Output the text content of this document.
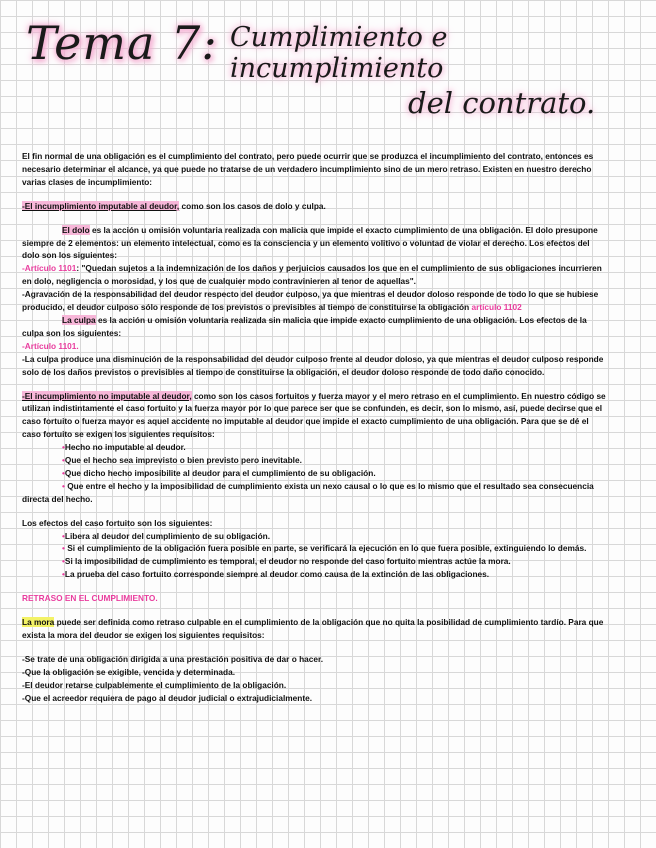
Tema 7: Cumplimiento e incumplimiento
del contrato.

El fin normal de una obligación es el cumplimiento del contrato, pero puede ocurrir que se produzca el incumplimiento del contrato, entonces es necesario determinar el alcance, ya que puede no tratarse de un verdadero incumplimiento sino de un mero retraso. Existen en nuestro derecho varias clases de incumplimiento:

-El incumplimiento imputable al deudor, como son los casos de dolo y culpa.

El dolo es la acción u omisión voluntaria realizada con malicia que impide el exacto cumplimiento de una obligación. El dolo presupone siempre de 2 elementos: un elemento intelectual, como es la consciencia y un elemento volitivo o voluntad de violar el derecho. Los efectos del dolo son los siguientes:

-Artículo 1101: "Quedan sujetos a la indemnización de los daños y perjuicios causados los que en el cumplimiento de sus obligaciones incurrieren en dolo, negligencia o morosidad, y los que de cualquier modo contravinieren al tenor de aquellas".

-Agravación de la responsabilidad del deudor respecto del deudor culposo, ya que mientras el deudor doloso responde de todo lo que se hubiese producido, el deudor culposo sólo responde de los previstos o previsibles al tiempo de constituirse la obligación artículo 1102

La culpa es la acción u omisión voluntaria realizada sin malicia que impide exacto cumplimiento de una obligación. Los efectos de la culpa son los siguientes:

-Artículo 1101.

-La culpa produce una disminución de la responsabilidad del deudor culposo frente al deudor doloso, ya que mientras el deudor culposo responde solo de los daños previstos o previsibles al tiempo de constituirse la obligación, el deudor doloso responde de todo daño conocido.

-El incumplimiento no imputable al deudor, como son los casos fortuitos y fuerza mayor y el mero retraso en el cumplimiento. En nuestro código se utilizan indistintamente el caso fortuito y la fuerza mayor por lo que parece ser que se confunden, es decir, son lo mismo, así, puede decirse que el caso fortuito o fuerza mayor es aquel accidente no imputable al deudor que impide el exacto cumplimiento de una obligación. Para que se dé el caso fortuito se exigen los siguientes requisitos:

• Hecho no imputable al deudor.

• Que el hecho sea imprevisto o bien previsto pero inevitable.

• Que dicho hecho imposibilite al deudor para el cumplimiento de su obligación.

• Que entre el hecho y la imposibilidad de cumplimiento exista un nexo causal o lo que es lo mismo que el resultado sea consecuencia directa del hecho.

Los efectos del caso fortuito son los siguientes:

• Libera al deudor del cumplimiento de su obligación.

• Si el cumplimiento de la obligación fuera posible en parte, se verificará la ejecución en lo que fuera posible, extinguiendo lo demás.

• Si la imposibilidad de cumplimiento es temporal, el deudor no responde del caso fortuito mientras actúe la mora.

• La prueba del caso fortuito corresponde siempre al deudor como causa de la extinción de las obligaciones.

RETRASO EN EL CUMPLIMIENTO.

La mora puede ser definida como retraso culpable en el cumplimiento de la obligación que no quita la posibilidad de cumplimiento tardío. Para que exista la mora del deudor se exigen los siguientes requisitos:

-Se trate de una obligación dirigida a una prestación positiva de dar o hacer.

-Que la obligación se exigible, vencida y determinada.

-El deudor retarse culpablemente el cumplimiento de la obligación.

-Que el acreedor requiera de pago al deudor judicial o extrajudicialmente.
